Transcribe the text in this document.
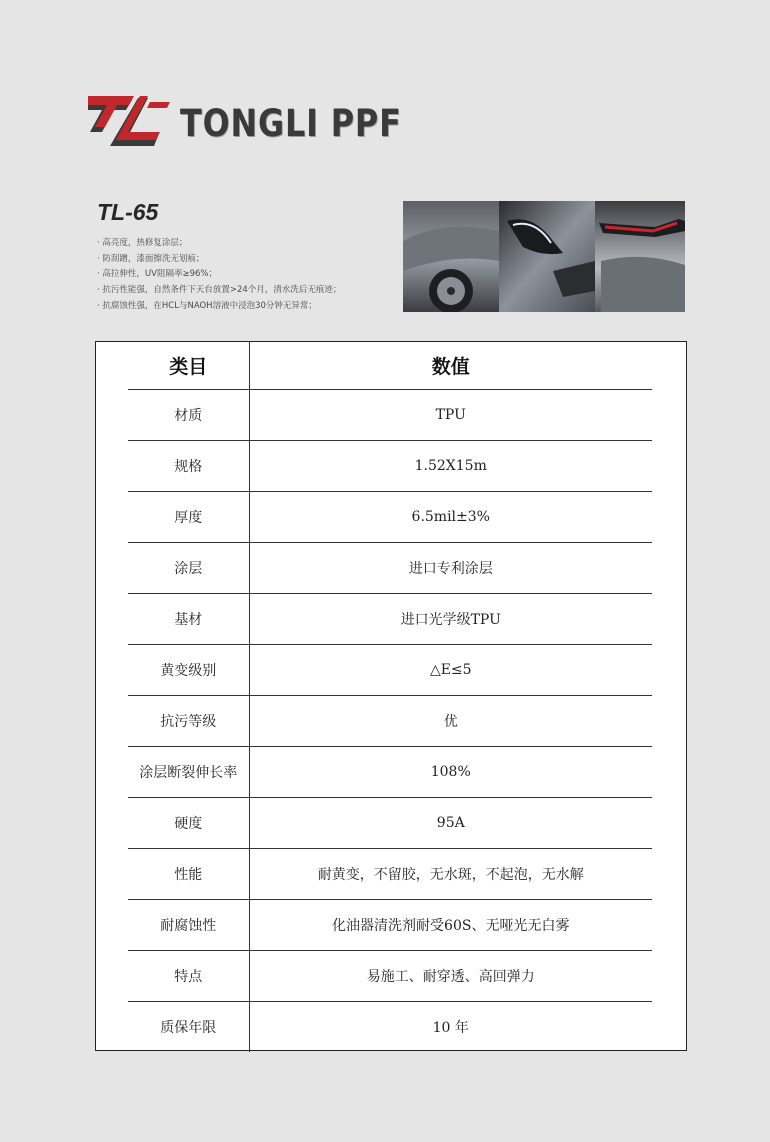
TONGLI PPF
TL-65
· 高亮度，热修复涂层；
· 防刮蹭，漆面擦洗无划痕；
· 高拉伸性，UV阻隔率≥96%；
· 抗污性能强，自然条件下天台放置>24个月，清水洗后无痕迹；
· 抗腐蚀性强，在HCL与NAOH溶液中浸泡30分钟无异常；
类目	数值
材质	TPU
规格	1.52X15m
厚度	6.5mil±3%
涂层	进口专利涂层
基材	进口光学级TPU
黄变级别	△E≤5
抗污等级	优
涂层断裂伸长率	108%
硬度	95A
性能	耐黄变，不留胶，无水斑，不起泡，无水解
耐腐蚀性	化油器清洗剂耐受60S、无哑光无白雾
特点	易施工、耐穿透、高回弹力
质保年限	10 年
